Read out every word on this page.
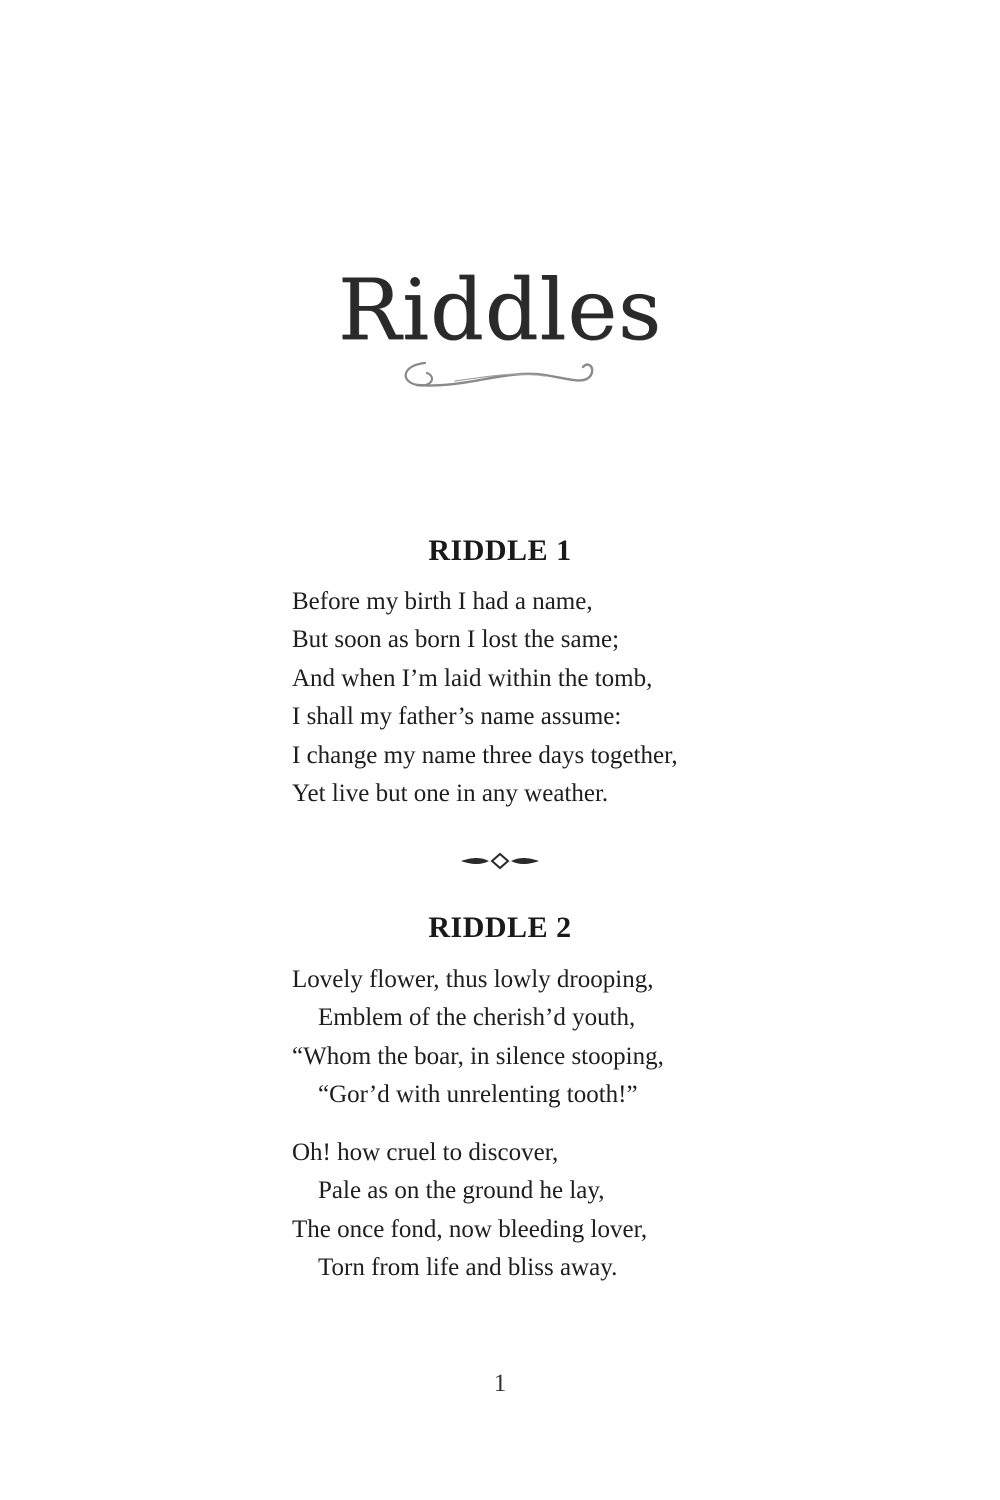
Riddles
RIDDLE 1
Before my birth I had a name,
But soon as born I lost the same;
And when I’m laid within the tomb,
I shall my father’s name assume:
I change my name three days together,
Yet live but one in any weather.
RIDDLE 2
Lovely flower, thus lowly drooping,
Emblem of the cherish’d youth,
“Whom the boar, in silence stooping,
“Gor’d with unrelenting tooth!”
Oh! how cruel to discover,
Pale as on the ground he lay,
The once fond, now bleeding lover,
Torn from life and bliss away.
1
